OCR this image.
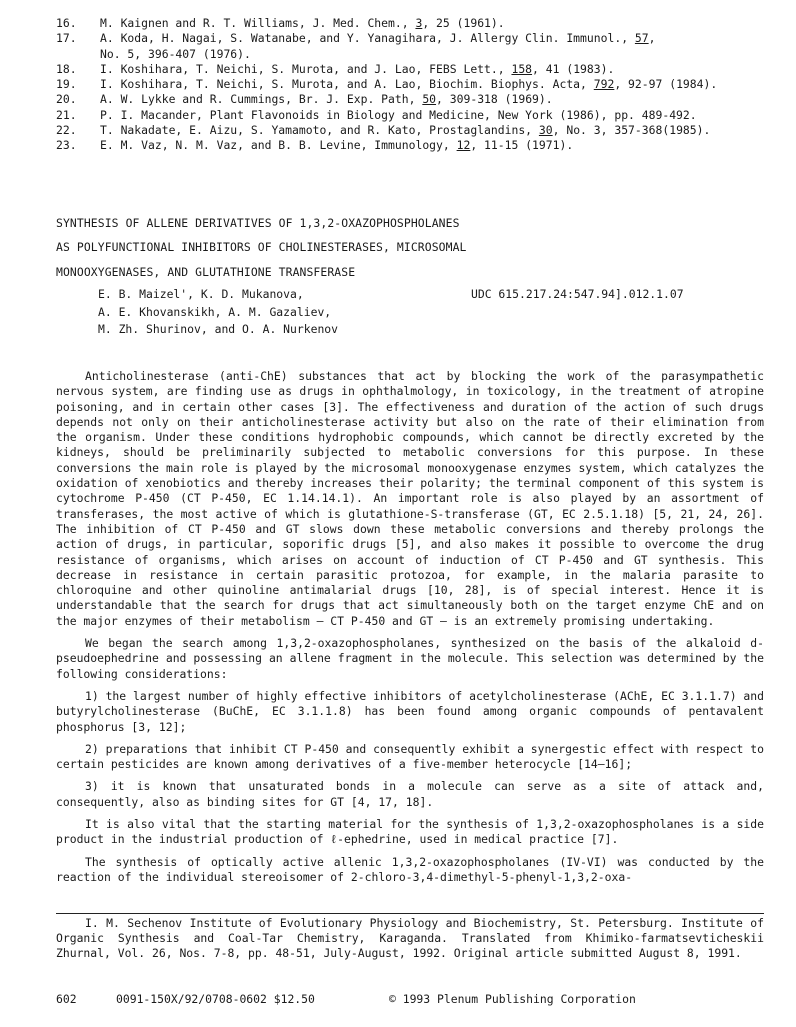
16.	M. Kaignen and R. T. Williams, J. Med. Chem., 3, 25 (1961).
17.	A. Koda, H. Nagai, S. Watanabe, and Y. Yanagihara, J. Allergy Clin. Immunol., 57,
No. 5, 396-407 (1976).
18.	I. Koshihara, T. Neichi, S. Murota, and J. Lao, FEBS Lett., 158, 41 (1983).
19.	I. Koshihara, T. Neichi, S. Murota, and A. Lao, Biochim. Biophys. Acta, 792, 92-97 (1984).
20.	A. W. Lykke and R. Cummings, Br. J. Exp. Path, 50, 309-318 (1969).
21.	P. I. Macander, Plant Flavonoids in Biology and Medicine, New York (1986), pp. 489-492.
22.	T. Nakadate, E. Aizu, S. Yamamoto, and R. Kato, Prostaglandins, 30, No. 3, 357-368(1985).
23.	E. M. Vaz, N. M. Vaz, and B. B. Levine, Immunology, 12, 11-15 (1971).
SYNTHESIS OF ALLENE DERIVATIVES OF 1,3,2-OXAZOPHOSPHOLANES
AS POLYFUNCTIONAL INHIBITORS OF CHOLINESTERASES, MICROSOMAL
MONOOXYGENASES, AND GLUTATHIONE TRANSFERASE
E. B. Maizel', K. D. Mukanova,
A. E. Khovanskikh, A. M. Gazaliev,
M. Zh. Shurinov, and O. A. Nurkenov
UDC 615.217.24:547.94].012.1.07

Anticholinesterase (anti-ChE) substances that act by blocking the work of the parasympathetic nervous system, are finding use as drugs in ophthalmology, in toxicology, in the treatment of atropine poisoning, and in certain other cases [3]. The effectiveness and duration of the action of such drugs depends not only on their anticholinesterase activity but also on the rate of their elimination from the organism. Under these conditions hydrophobic compounds, which cannot be directly excreted by the kidneys, should be preliminarily subjected to metabolic conversions for this purpose. In these conversions the main role is played by the microsomal monooxygenase enzymes system, which catalyzes the oxidation of xenobiotics and thereby increases their polarity; the terminal component of this system is cytochrome P-450 (CT P-450, EC 1.14.14.1). An important role is also played by an assortment of transferases, the most active of which is glutathione-S-transferase (GT, EC 2.5.1.18) [5, 21, 24, 26]. The inhibition of CT P-450 and GT slows down these metabolic conversions and thereby prolongs the action of drugs, in particular, soporific drugs [5], and also makes it possible to overcome the drug resistance of organisms, which arises on account of induction of CT P-450 and GT synthesis. This decrease in resistance in certain parasitic protozoa, for example, in the malaria parasite to chloroquine and other quinoline antimalarial drugs [10, 28], is of special interest. Hence it is understandable that the search for drugs that act simultaneously both on the target enzyme ChE and on the major enzymes of their metabolism — CT P-450 and GT — is an extremely promising undertaking.

We began the search among 1,3,2-oxazophospholanes, synthesized on the basis of the alkaloid d-pseudoephedrine and possessing an allene fragment in the molecule. This selection was determined by the following considerations:

1) the largest number of highly effective inhibitors of acetylcholinesterase (AChE, EC 3.1.1.7) and butyrylcholinesterase (BuChE, EC 3.1.1.8) has been found among organic compounds of pentavalent phosphorus [3, 12];

2) preparations that inhibit CT P-450 and consequently exhibit a synergestic effect with respect to certain pesticides are known among derivatives of a five-member heterocycle [14—16];

3) it is known that unsaturated bonds in a molecule can serve as a site of attack and, consequently, also as binding sites for GT [4, 17, 18].

It is also vital that the starting material for the synthesis of 1,3,2-oxazophospholanes is a side product in the industrial production of ℓ-ephedrine, used in medical practice [7].

The synthesis of optically active allenic 1,3,2-oxazophospholanes (IV-VI) was conducted by the reaction of the individual stereoisomer of 2-chloro-3,4-dimethyl-5-phenyl-1,3,2-oxa-

I. M. Sechenov Institute of Evolutionary Physiology and Biochemistry, St. Petersburg. Institute of Organic Synthesis and Coal-Tar Chemistry, Karaganda. Translated from Khimiko-farmatsevticheskii Zhurnal, Vol. 26, Nos. 7-8, pp. 48-51, July-August, 1992. Original article submitted August 8, 1991.
602	0091-150X/92/0708-0602 $12.50	© 1993 Plenum Publishing Corporation
